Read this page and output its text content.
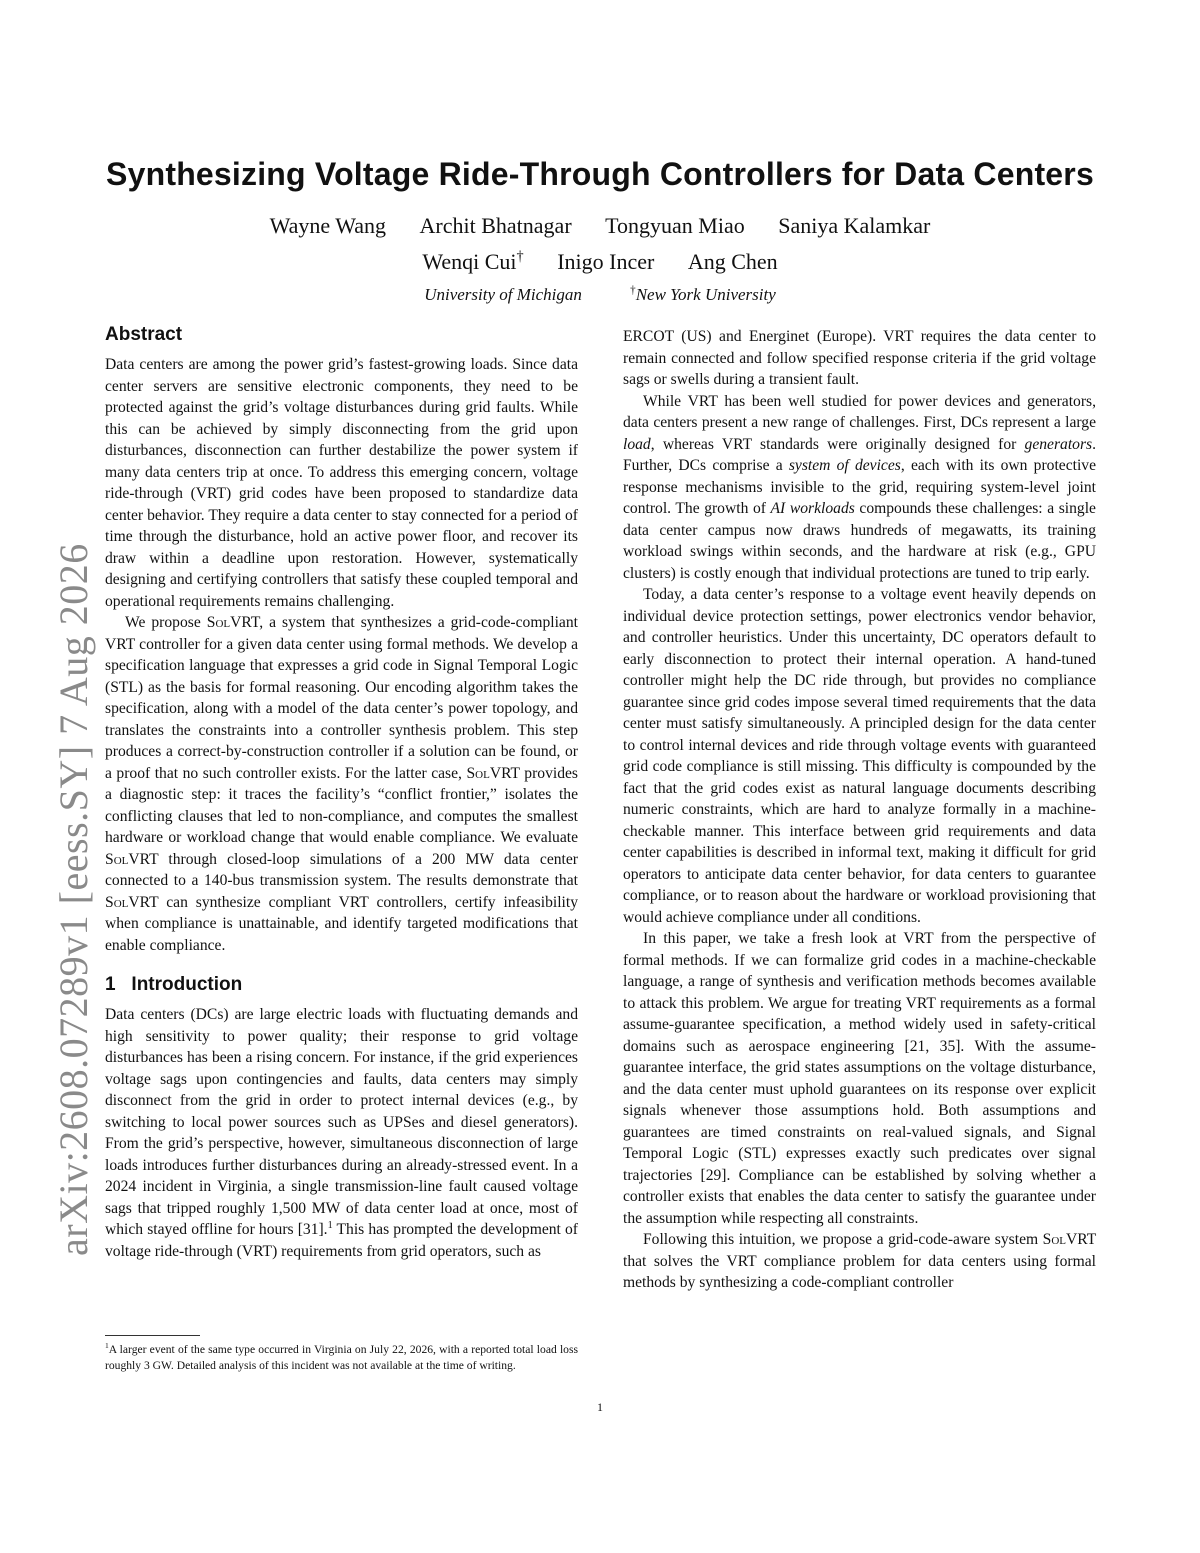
arXiv:2608.07289v1 [eess.SY] 7 Aug 2026
Synthesizing Voltage Ride-Through Controllers for Data Centers
Wayne Wang Archit Bhatnagar Tongyuan Miao Saniya Kalamkar
Wenqi Cui† Inigo Incer Ang Chen
University of Michigan	†New York University
Abstract

Data centers are among the power grid’s fastest-growing loads. Since data center servers are sensitive electronic components, they need to be protected against the grid’s voltage disturbances during grid faults. While this can be achieved by simply disconnecting from the grid upon disturbances, disconnection can further destabilize the power system if many data centers trip at once. To address this emerging concern, voltage ride-through (VRT) grid codes have been proposed to standardize data center behavior. They require a data center to stay connected for a period of time through the disturbance, hold an active power floor, and recover its draw within a deadline upon restoration. However, systematically designing and certifying controllers that satisfy these coupled temporal and operational requirements remains challenging.

We propose SolVRT, a system that synthesizes a grid-code-compliant VRT controller for a given data center using formal methods. We develop a specification language that expresses a grid code in Signal Temporal Logic (STL) as the basis for formal reasoning. Our encoding algorithm takes the specification, along with a model of the data center’s power topology, and translates the constraints into a controller synthesis problem. This step produces a correct-by-construction controller if a solution can be found, or a proof that no such controller exists. For the latter case, SolVRT provides a diagnostic step: it traces the facility’s “conflict frontier,” isolates the conflicting clauses that led to non-compliance, and computes the smallest hardware or workload change that would enable compliance. We evaluate SolVRT through closed-loop simulations of a 200 MW data center connected to a 140-bus transmission system. The results demonstrate that SolVRT can synthesize compliant VRT controllers, certify infeasibility when compliance is unattainable, and identify targeted modifications that enable compliance.

1 Introduction

Data centers (DCs) are large electric loads with fluctuating demands and high sensitivity to power quality; their response to grid voltage disturbances has been a rising concern. For instance, if the grid experiences voltage sags upon contingencies and faults, data centers may simply disconnect from the grid in order to protect internal devices (e.g., by switching to local power sources such as UPSes and diesel generators). From the grid’s perspective, however, simultaneous disconnection of large loads introduces further disturbances during an already-stressed event. In a 2024 incident in Virginia, a single transmission-line fault caused voltage sags that tripped roughly 1,500 MW of data center load at once, most of which stayed offline for hours [31].$^1$ This has prompted the development of voltage ride-through (VRT) requirements from grid operators, such as

ERCOT (US) and Energinet (Europe). VRT requires the data center to remain connected and follow specified response criteria if the grid voltage sags or swells during a transient fault.

While VRT has been well studied for power devices and generators, data centers present a new range of challenges. First, DCs represent a large load, whereas VRT standards were originally designed for generators. Further, DCs comprise a system of devices, each with its own protective response mechanisms invisible to the grid, requiring system-level joint control. The growth of AI workloads compounds these challenges: a single data center campus now draws hundreds of megawatts, its training workload swings within seconds, and the hardware at risk (e.g., GPU clusters) is costly enough that individual protections are tuned to trip early.

Today, a data center’s response to a voltage event heavily depends on individual device protection settings, power electronics vendor behavior, and controller heuristics. Under this uncertainty, DC operators default to early disconnection to protect their internal operation. A hand-tuned controller might help the DC ride through, but provides no compliance guarantee since grid codes impose several timed requirements that the data center must satisfy simultaneously. A principled design for the data center to control internal devices and ride through voltage events with guaranteed grid code compliance is still missing. This difficulty is compounded by the fact that the grid codes exist as natural language documents describing numeric constraints, which are hard to analyze formally in a machine-checkable manner. This interface between grid requirements and data center capabilities is described in informal text, making it difficult for grid operators to anticipate data center behavior, for data centers to guarantee compliance, or to reason about the hardware or workload provisioning that would achieve compliance under all conditions.

In this paper, we take a fresh look at VRT from the perspective of formal methods. If we can formalize grid codes in a machine-checkable language, a range of synthesis and verification methods becomes available to attack this problem. We argue for treating VRT requirements as a formal assume-guarantee specification, a method widely used in safety-critical domains such as aerospace engineering [21, 35]. With the assume-guarantee interface, the grid states assumptions on the voltage disturbance, and the data center must uphold guarantees on its response over explicit signals whenever those assumptions hold. Both assumptions and guarantees are timed constraints on real-valued signals, and Signal Temporal Logic (STL) expresses exactly such predicates over signal trajectories [29]. Compliance can be established by solving whether a controller exists that enables the data center to satisfy the guarantee under the assumption while respecting all constraints.

Following this intuition, we propose a grid-code-aware system SolVRT that solves the VRT compliance problem for data centers using formal methods by synthesizing a code-compliant controller

$^1$A larger event of the same type occurred in Virginia on July 22, 2026, with a reported total load loss roughly 3 GW. Detailed analysis of this incident was not available at the time of writing.
1
